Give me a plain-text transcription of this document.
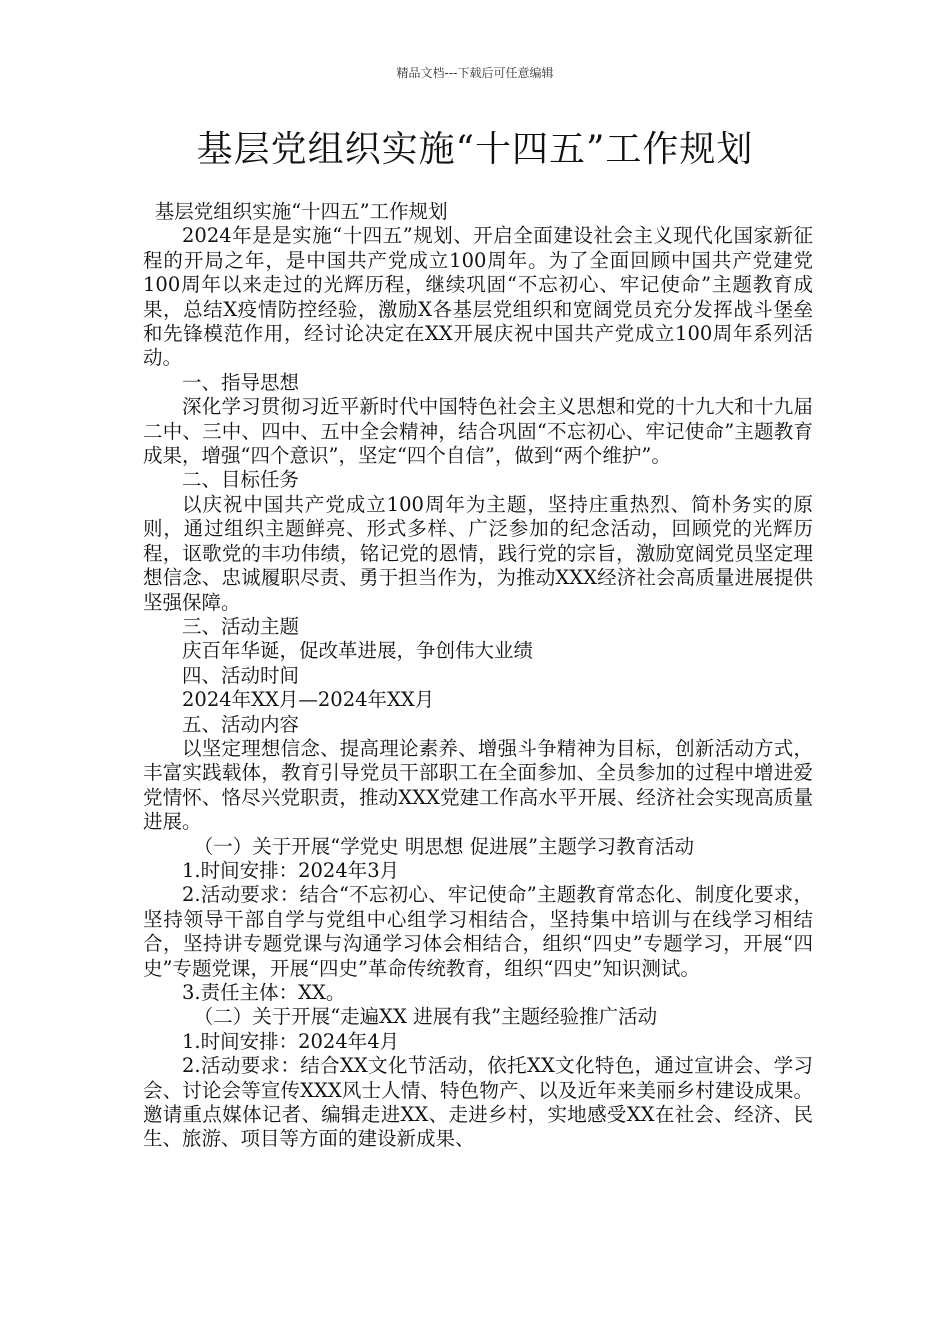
精品文档---下载后可任意编辑
基层党组织实施“十四五”工作规划

基层党组织实施“十四五”工作规划

2024年是是实施“十四五”规划、开启全面建设社会主义现代化国家新征程的开局之年，是中国共产党成立100周年。为了全面回顾中国共产党建党100周年以来走过的光辉历程，继续巩固“不忘初心、牢记使命”主题教育成果，总结X疫情防控经验，激励X各基层党组织和宽阔党员充分发挥战斗堡垒和先锋模范作用，经讨论决定在XX开展庆祝中国共产党成立100周年系列活动。

一、指导思想

深化学习贯彻习近平新时代中国特色社会主义思想和党的十九大和十九届二中、三中、四中、五中全会精神，结合巩固“不忘初心、牢记使命”主题教育成果，增强“四个意识”，坚定“四个自信”，做到“两个维护”。

二、目标任务

以庆祝中国共产党成立100周年为主题，坚持庄重热烈、简朴务实的原则，通过组织主题鲜亮、形式多样、广泛参加的纪念活动，回顾党的光辉历程，讴歌党的丰功伟绩，铭记党的恩情，践行党的宗旨，激励宽阔党员坚定理想信念、忠诚履职尽责、勇于担当作为，为推动XXX经济社会高质量进展提供坚强保障。

三、活动主题

庆百年华诞，促改革进展，争创伟大业绩

四、活动时间

2024年XX月—2024年XX月

五、活动内容

以坚定理想信念、提高理论素养、增强斗争精神为目标，创新活动方式，丰富实践载体，教育引导党员干部职工在全面参加、全员参加的过程中增进爱党情怀、恪尽兴党职责，推动XXX党建工作高水平开展、经济社会实现高质量进展。

（一）关于开展“学党史 明思想 促进展”主题学习教育活动

1.时间安排：2024年3月

2.活动要求：结合“不忘初心、牢记使命”主题教育常态化、制度化要求，坚持领导干部自学与党组中心组学习相结合，坚持集中培训与在线学习相结合，坚持讲专题党课与沟通学习体会相结合，组织“四史”专题学习，开展“四史”专题党课，开展“四史”革命传统教育，组织“四史”知识测试。

3.责任主体：XX。

（二）关于开展“走遍XX 进展有我”主题经验推广活动

1.时间安排：2024年4月

2.活动要求：结合XX文化节活动，依托XX文化特色，通过宣讲会、学习会、讨论会等宣传XXX风士人情、特色物产、以及近年来美丽乡村建设成果。邀请重点媒体记者、编辑走进XX、走进乡村，实地感受XX在社会、经济、民生、旅游、项目等方面的建设新成果、
